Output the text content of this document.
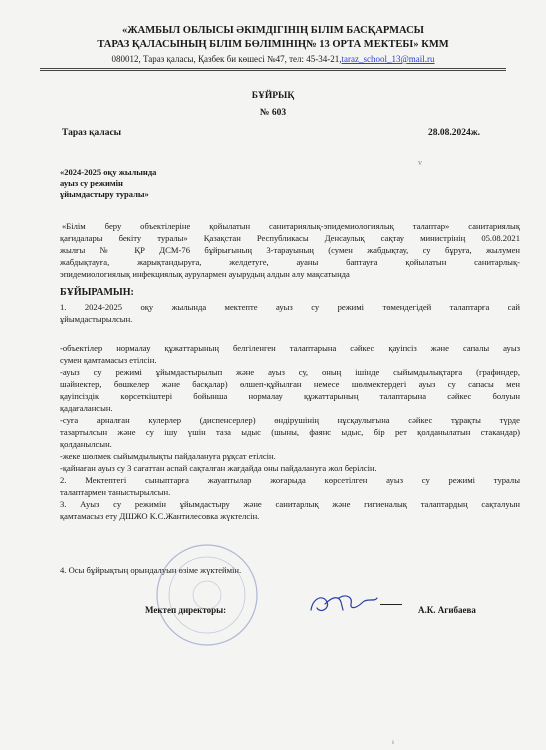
«ЖАМБЫЛ ОБЛЫСЫ ӘКІМДІГІНІҢ БІЛІМ БАСҚАРМАСЫ
ТАРАЗ ҚАЛАСЫНЫҢ БІЛІМ БӨЛІМІНІҢ№ 13 ОРТА МЕКТЕБІ» КММ
080012, Тараз қаласы, Қазбек би көшесі №47, тел: 45-34-21,taraz_school_13@mail.ru
БҰЙРЫҚ
№ 603
Тараз қаласы	28.08.2024ж.
v
«2024-2025 оқу жылында
ауыз су режимін
ұйымдастыру туралы»
«Білім беру объектілеріне қойылатын санитариялық-эпидемиологиялық талаптар» санитариялық
қағидалары бекіту туралы» Қазақстан Республикасы Денсаулық сақтау министрінің 05.08.2021
жылғы № ҚР ДСМ-76 бұйрығының 3-тарауының (сумен жабдықтау, су бұруға, жылумен
жабдықтауға, жарықтандыруға, желдетуге, ауаны баптауға қойылатын санитарлық-
эпидемиологиялық инфекциялық аурулармен ауырудың алдын алу мақсатында
БҰЙЫРАМЫН:
1. 2024-2025 оқу жылында мектепте ауыз су режимі төмендегідей талаптарға сай
ұйымдастырылсын.
-объектілер нормалау құжаттарының белгіленген талаптарына сәйкес қауіпсіз және сапалы ауыз
сумен қамтамасыз етілсін.
-ауыз су режимі ұйымдастырылып және ауыз су, оның ішінде сыйымдылықтарға (графиндер,
шәйнектер, бөшкелер және басқалар) өлшеп-құйылған немесе шөлмектердегі ауыз су сапасы мен
қауіпсіздік көрсеткіштері бойынша нормалау құжаттарының талаптарына сәйкес болуын
қадағалансын.
-суға арналған кулерлер (диспенсерлер) өндірушінің нұсқаулығына сәйкес тұрақты түрде
тазартылсын және су ішу үшін таза ыдыс (шыны, фаянс ыдыс, бір рет қолданылатын стакандар)
қолданылсын.
-жеке шөлмек сыйымдылықты пайдалануға рұқсат етілсін.
-қайнаған ауыз су 3 сағаттан аспай сақталған жағдайда оны пайдалануға жол берілсін.
2. Мектептегі сыныптарға жауаптылар жоғарыда көрсетілген ауыз су режимі туралы
талаптармен таныстырылсын.
3. Ауыз су режимін ұйымдастыру және санитарлық және гигиеналық талаптардың сақталуын
қамтамасыз ету ДШЖО К.С.Жантилесовка жүктелсін.
4. Осы бұйрықтың орындалуын өзіме жүктеймін.
Мектеп директоры:	А.К. Агибаева
ᵻ
